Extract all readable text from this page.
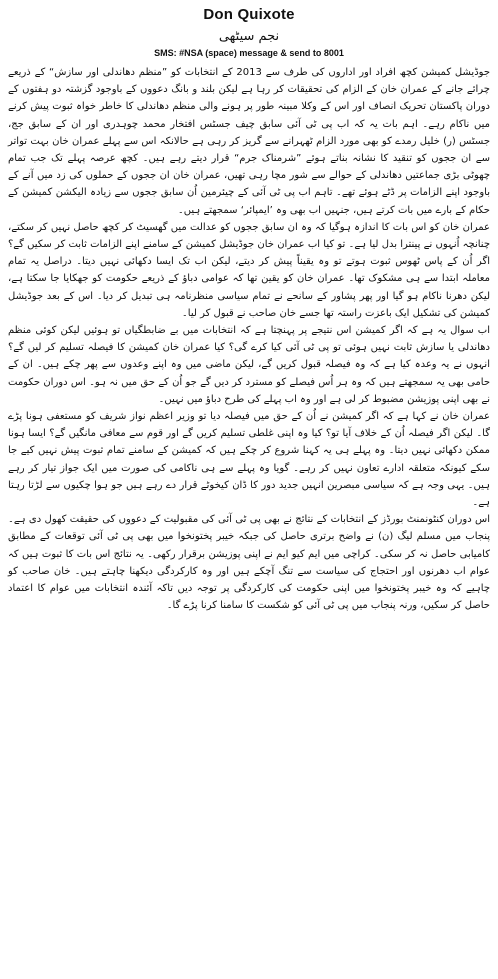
Don Quixote
نجم سیٹھی
SMS: #NSA (space) message & send to 8001

جوڈیشل کمیشن کچھ افراد اور اداروں کی طرف سے 2013 کے انتخابات کو ”منظم دھاندلی اور سازش“ کے ذریعے چرائے جانے کے عمران خان کے الزام کی تحقیقات کر رہا ہے لیکن بلند و بانگ دعووں کے باوجود گزشتہ دو ہفتوں کے دوران پاکستان تحریک انصاف اور اس کے وکلا مبینہ طور پر ہونے والی منظم دھاندلی کا خاطر خواہ ثبوت پیش کرنے میں ناکام رہے۔ اہم بات یہ کہ اب پی ٹی آئی سابق چیف جسٹس افتخار محمد چوہدری اور ان کے سابق جج، جسٹس (ر) خلیل رمدے کو بھی مورد الزام ٹھہرانے سے گریز کر رہی ہے حالانکہ اس سے پہلے عمران خان بہت تواتر سے ان ججوں کو تنقید کا نشانہ بناتے ہوئے ”شرمناک جرم“ قرار دیتے رہے ہیں۔ کچھ عرصہ پہلے تک جب تمام چھوٹی بڑی جماعتیں دھاندلی کے حوالے سے شور مچا رہی تھیں، عمران خان ان ججوں کے حملوں کی زد میں آنے کے باوجود اپنے الزامات پر ڈٹے ہوئے تھے۔ تاہم اب پی ٹی آئی کے چیئرمین اُن سابق ججوں سے زیادہ الیکشن کمیشن کے حکام کے بارے میں بات کرتے ہیں، جنہیں اب بھی وہ ’ایمپائر‘ سمجھتے ہیں۔

عمران خان کو اس بات کا اندازہ ہوگیا کہ وہ ان سابق ججوں کو عدالت میں گھسیٹ کر کچھ حاصل نہیں کر سکتے، چنانچہ اُنہوں نے پینترا بدل لیا ہے۔ تو کیا اب عمران خان جوڈیشل کمیشن کے سامنے اپنے الزامات ثابت کر سکیں گے؟ اگر اُن کے پاس ٹھوس ثبوت ہوتے تو وہ یقیناً پیش کر دیتے، لیکن اب تک ایسا دکھائی نہیں دیتا۔ دراصل یہ تمام معاملہ ابتدا سے ہی مشکوک تھا۔ عمران خان کو یقین تھا کہ عوامی دباؤ کے ذریعے حکومت کو جھکایا جا سکتا ہے، لیکن دھرنا ناکام ہو گیا اور پھر پشاور کے سانحے نے تمام سیاسی منظرنامہ ہی تبدیل کر دیا۔ اس کے بعد جوڈیشل کمیشن کی تشکیل ایک باعزت راستہ تھا جسے خان صاحب نے قبول کر لیا۔

اب سوال یہ ہے کہ اگر کمیشن اس نتیجے پر پہنچتا ہے کہ انتخابات میں بے ضابطگیاں تو ہوئیں لیکن کوئی منظم دھاندلی یا سازش ثابت نہیں ہوئی تو پی ٹی آئی کیا کرے گی؟ کیا عمران خان کمیشن کا فیصلہ تسلیم کر لیں گے؟ انہوں نے یہ وعدہ کیا ہے کہ وہ فیصلہ قبول کریں گے، لیکن ماضی میں وہ اپنے وعدوں سے پھر چکے ہیں۔ ان کے حامی بھی یہ سمجھتے ہیں کہ وہ ہر اُس فیصلے کو مسترد کر دیں گے جو اُن کے حق میں نہ ہو۔ اس دوران حکومت نے بھی اپنی پوزیشن مضبوط کر لی ہے اور وہ اب پہلے کی طرح دباؤ میں نہیں۔

عمران خان نے کہا ہے کہ اگر کمیشن نے اُن کے حق میں فیصلہ دیا تو وزیر اعظم نواز شریف کو مستعفی ہونا پڑے گا۔ لیکن اگر فیصلہ اُن کے خلاف آیا تو؟ کیا وہ اپنی غلطی تسلیم کریں گے اور قوم سے معافی مانگیں گے؟ ایسا ہونا ممکن دکھائی نہیں دیتا۔ وہ پہلے ہی یہ کہنا شروع کر چکے ہیں کہ کمیشن کے سامنے تمام ثبوت پیش نہیں کیے جا سکے کیونکہ متعلقہ ادارے تعاون نہیں کر رہے۔ گویا وہ پہلے سے ہی ناکامی کی صورت میں ایک جواز تیار کر رہے ہیں۔ یہی وجہ ہے کہ سیاسی مبصرین انہیں جدید دور کا ڈان کیخوٹے قرار دے رہے ہیں جو ہوا چکیوں سے لڑتا رہتا ہے۔

اس دوران کنٹونمنٹ بورڈز کے انتخابات کے نتائج نے بھی پی ٹی آئی کی مقبولیت کے دعووں کی حقیقت کھول دی ہے۔ پنجاب میں مسلم لیگ (ن) نے واضح برتری حاصل کی جبکہ خیبر پختونخوا میں بھی پی ٹی آئی توقعات کے مطابق کامیابی حاصل نہ کر سکی۔ کراچی میں ایم کیو ایم نے اپنی پوزیشن برقرار رکھی۔ یہ نتائج اس بات کا ثبوت ہیں کہ عوام اب دھرنوں اور احتجاج کی سیاست سے تنگ آچکے ہیں اور وہ کارکردگی دیکھنا چاہتے ہیں۔ خان صاحب کو چاہیے کہ وہ خیبر پختونخوا میں اپنی حکومت کی کارکردگی پر توجہ دیں تاکہ آئندہ انتخابات میں عوام کا اعتماد حاصل کر سکیں، ورنہ پنجاب میں پی ٹی آئی کو شکست کا سامنا کرنا پڑے گا۔
